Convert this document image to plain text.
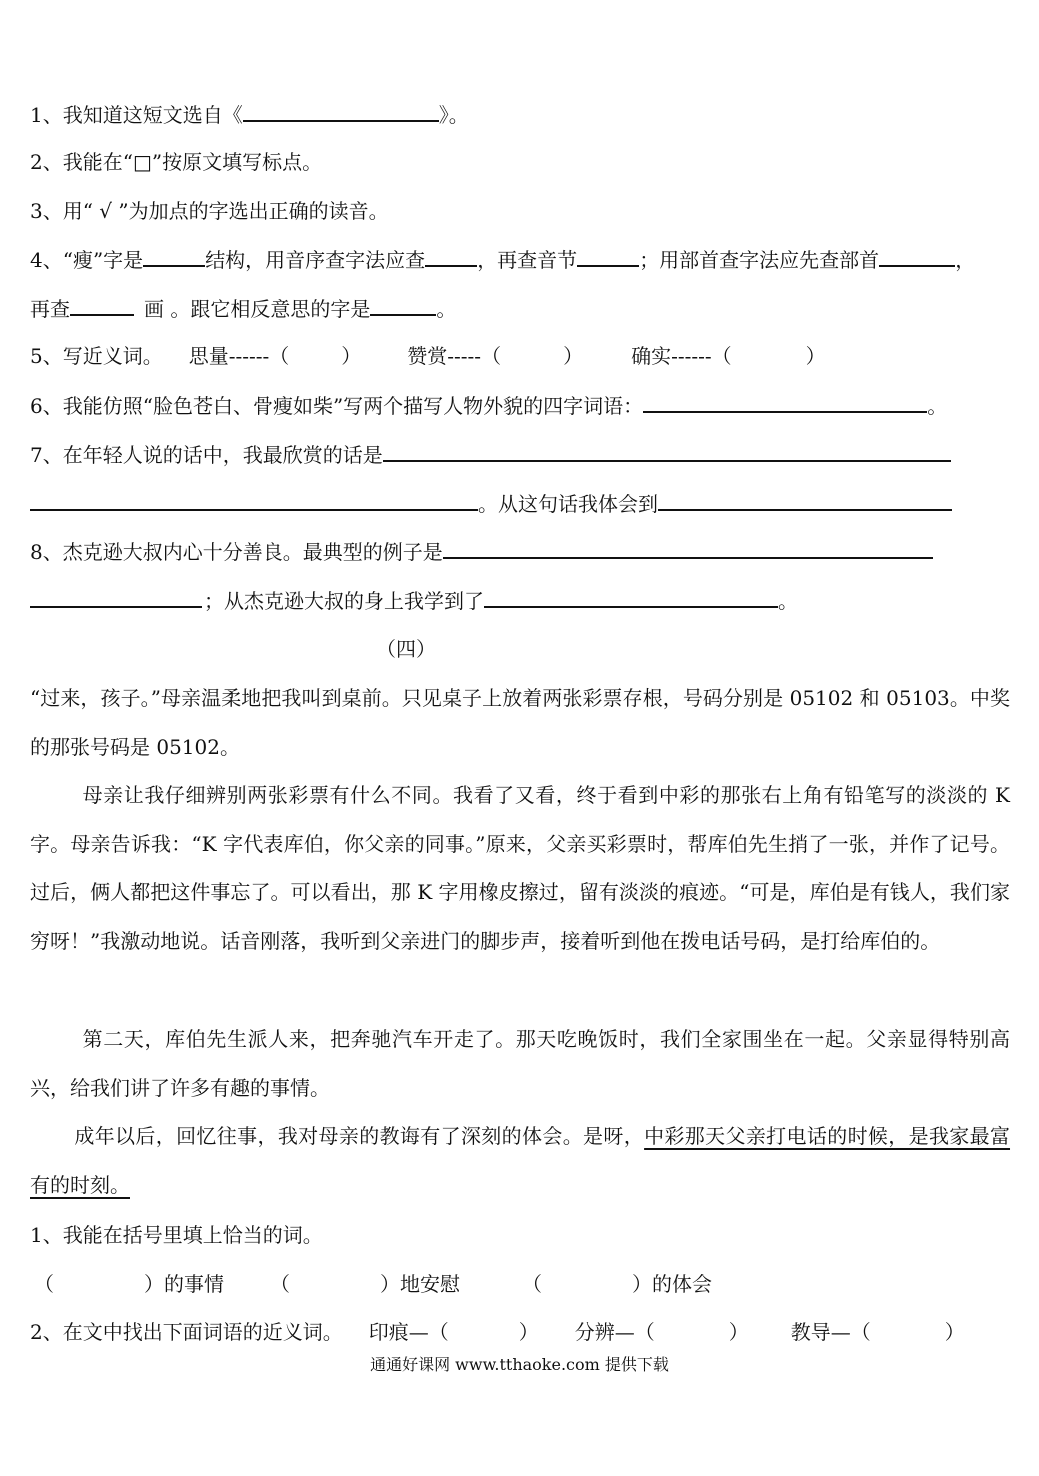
1、我知道这短文选自《	》。
2、我能在“□”按原文填写标点。
3、用“ √ ”为加点的字选出正确的读音。
4、“瘦”字是	结构，用音序查字法应查	，再查音节	；用部首查字法应先查部首	，
再查	画 。跟它相反意思的字是	。
5、写近义词。 思量------（	） 赞赏-----（	） 确实------（	）
6、我能仿照“脸色苍白、骨瘦如柴”写两个描写人物外貌的四字词语：	。
7、在年轻人说的话中，我最欣赏的话是
。从这句话我体会到
8、杰克逊大叔内心十分善良。最典型的例子是
；从杰克逊大叔的身上我学到了	。
（四）
“过来，孩子。”母亲温柔地把我叫到桌前。只见桌子上放着两张彩票存根，号码分别是 05102 和 05103。中奖的那张号码是 05102。
母亲让我仔细辨别两张彩票有什么不同。我看了又看，终于看到中彩的那张右上角有铅笔写的淡淡的 K 字。母亲告诉我：“K 字代表库伯，你父亲的同事。”原来，父亲买彩票时，帮库伯先生捎了一张，并作了记号。过后，俩人都把这件事忘了。可以看出，那 K 字用橡皮擦过，留有淡淡的痕迹。“可是，库伯是有钱人，我们家穷呀！”我激动地说。话音刚落，我听到父亲进门的脚步声，接着听到他在拨电话号码，是打给库伯的。
第二天，库伯先生派人来，把奔驰汽车开走了。那天吃晚饭时，我们全家围坐在一起。父亲显得特别高兴，给我们讲了许多有趣的事情。
成年以后，回忆往事，我对母亲的教诲有了深刻的体会。是呀，中彩那天父亲打电话的时候，是我家最富有的时刻。
1、我能在括号里填上恰当的词。
（	）的事情 （	）地安慰	（	）的体会
2、在文中找出下面词语的近义词。 印痕—（	） 分辨—（	） 教导—（	）
通通好课网 www.tthaoke.com 提供下载
